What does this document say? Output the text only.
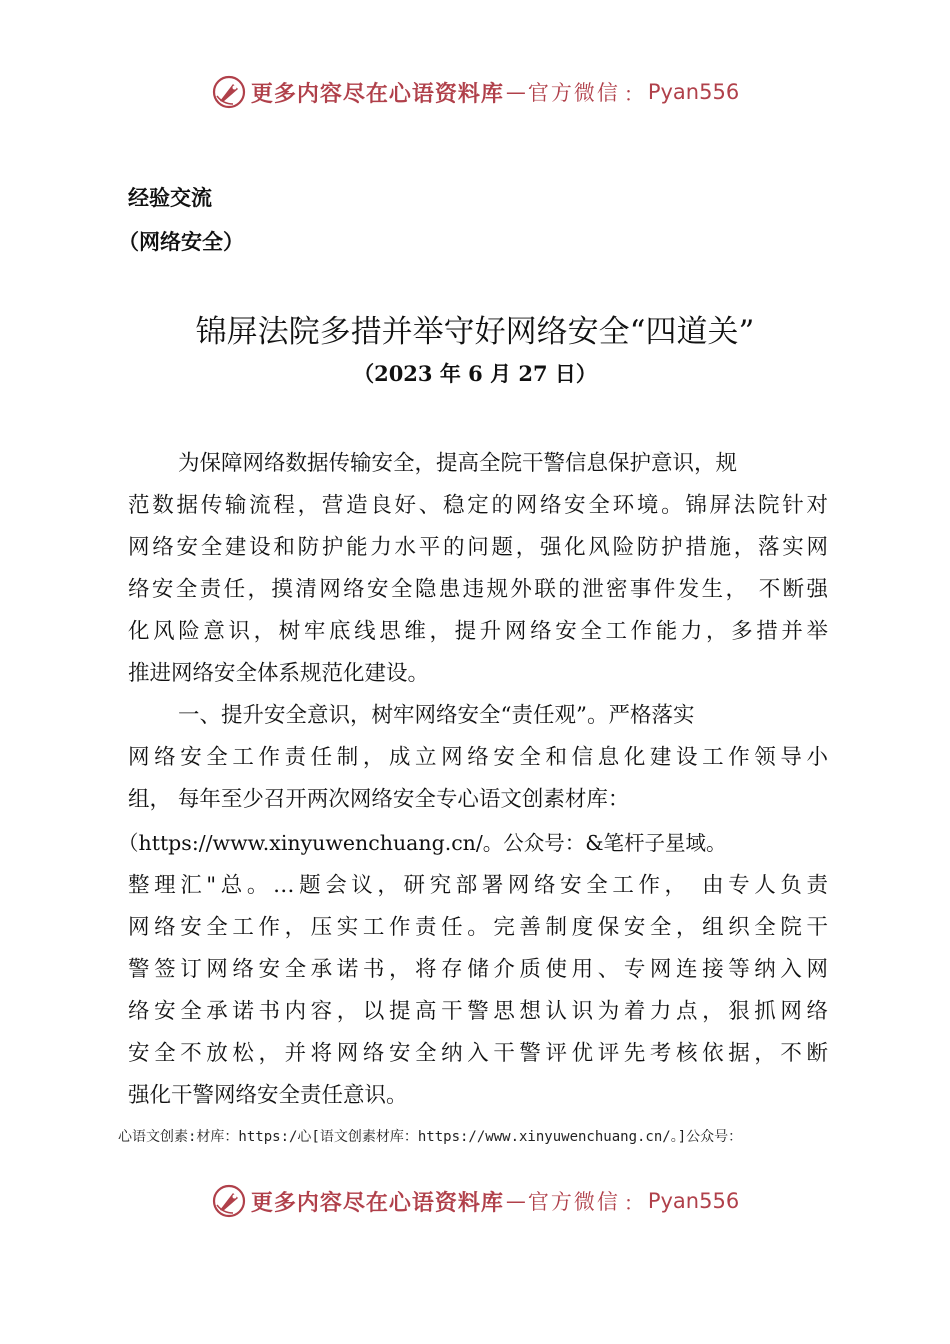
更多内容尽在心语资料库 — 官方微信 ： Pyan556
经验交流
（网络安全）
锦屏法院多措并举守好网络安全“四道关”
（2023 年 6 月 27 日）
为保障网络数据传输安全，提高全院干警信息保护意识，规
范数据传输流程，营造良好、稳定的网络安全环境。锦屏法院针对
网络安全建设和防护能力水平的问题，强化风险防护措施，落实网
络安全责任，摸清网络安全隐患违规外联的泄密事件发生， 不断强
化风险意识，树牢底线思维，提升网络安全工作能力，多措并举
推进网络安全体系规范化建设。
一、提升安全意识，树牢网络安全“责任观”。严格落实
网络安全工作责任制，成立网络安全和信息化建设工作领导小
组， 每年至少召开两次网络安全专心语文创素材库：
（https://www.xinyuwenchuang.cn/。公众号：&笔杆子星域。
整理汇"总。…题会议，研究部署网络安全工作， 由专人负责
网络安全工作，压实工作责任。完善制度保安全，组织全院干
警签订网络安全承诺书，将存储介质使用、专网连接等纳入网
络安全承诺书内容，以提高干警思想认识为着力点，狠抓网络
安全不放松，并将网络安全纳入干警评优评先考核依据，不断
强化干警网络安全责任意识。
心语文创素:材库：https:/心[语文创素材库：https://www.xinyuwenchuang.cn/。]公众号：
更多内容尽在心语资料库 — 官方微信 ： Pyan556
